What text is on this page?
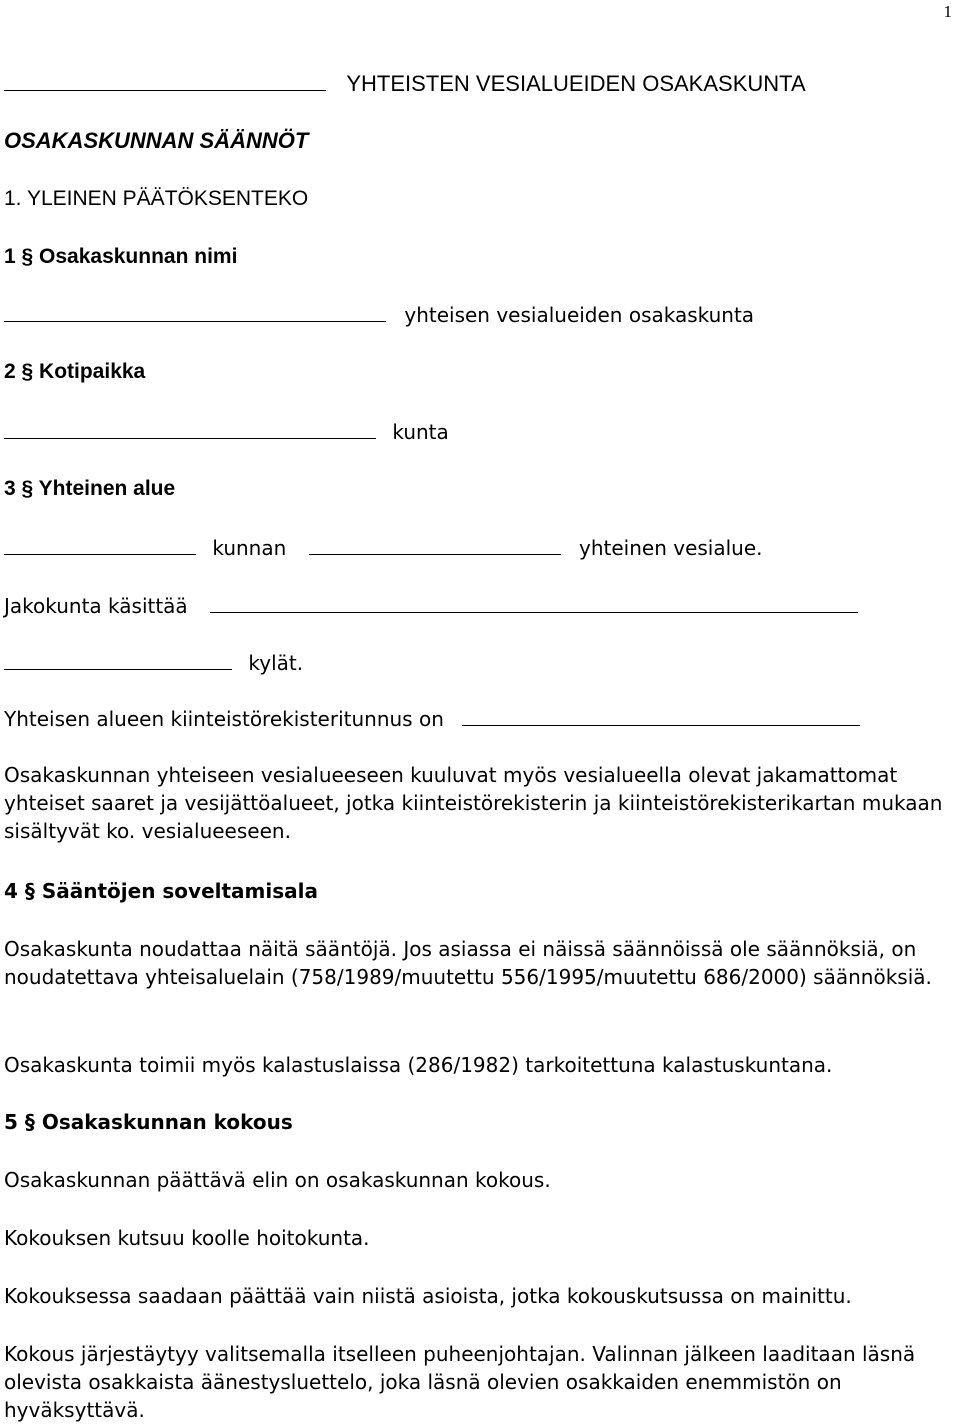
1
YHTEISTEN VESIALUEIDEN OSAKASKUNTA
OSAKASKUNNAN SÄÄNNÖT
1. YLEINEN PÄÄTÖKSENTEKO
1 § Osakaskunnan nimi
yhteisen vesialueiden osakaskunta
2 § Kotipaikka
kunta
3 § Yhteinen alue
kunnan	yhteinen vesialue.
Jakokunta käsittää
kylät.
Yhteisen alueen kiinteistörekisteritunnus on
Osakaskunnan yhteiseen vesialueeseen kuuluvat myös vesialueella olevat jakamattomat yhteiset saaret ja vesijättöalueet, jotka kiinteistörekisterin ja kiinteistörekisterikartan mukaan sisältyvät ko. vesialueeseen.
4 § Sääntöjen soveltamisala
Osakaskunta noudattaa näitä sääntöjä. Jos asiassa ei näissä säännöissä ole säännöksiä, on noudatettava yhteisaluelain (758/1989/muutettu 556/1995/muutettu 686/2000) säännöksiä.
Osakaskunta toimii myös kalastuslaissa (286/1982) tarkoitettuna kalastuskuntana.
5 § Osakaskunnan kokous
Osakaskunnan päättävä elin on osakaskunnan kokous.
Kokouksen kutsuu koolle hoitokunta.
Kokouksessa saadaan päättää vain niistä asioista, jotka kokouskutsussa on mainittu.
Kokous järjestäytyy valitsemalla itselleen puheenjohtajan. Valinnan jälkeen laaditaan läsnä olevista osakkaista äänestysluettelo, joka läsnä olevien osakkaiden enemmistön on hyväksyttävä.
